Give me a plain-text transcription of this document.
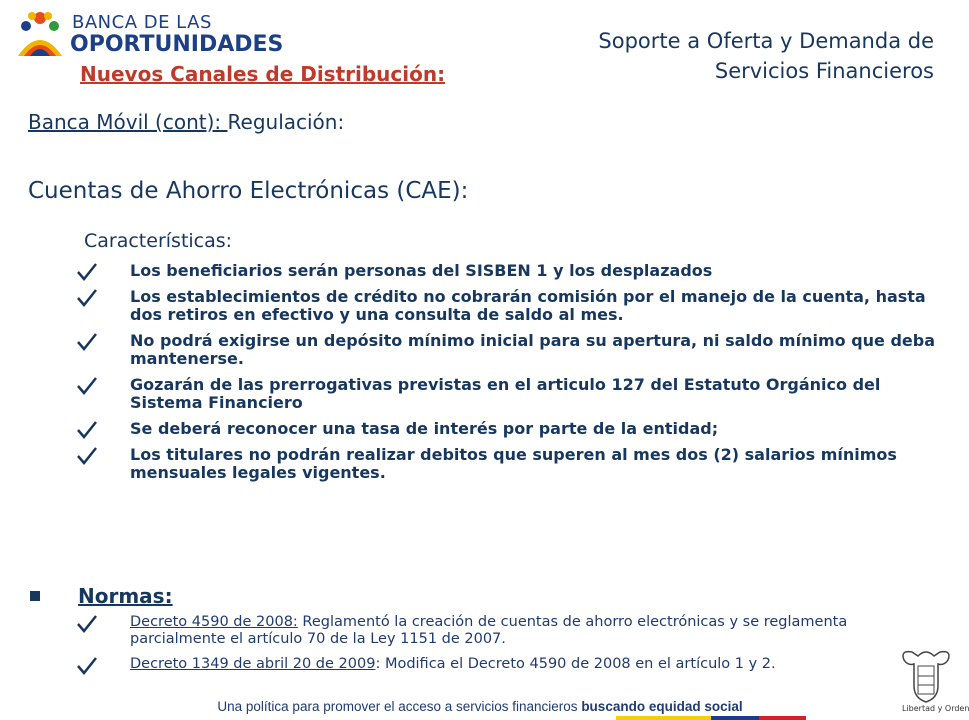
BANCA DE LAS
OPORTUNIDADES	Soporte a Oferta y Demanda de
Servicios Financieros
Nuevos Canales de Distribución:
Banca Móvil (cont): Regulación:
Cuentas de Ahorro Electrónicas (CAE):
Características:
Los beneficiarios serán personas del SISBEN 1 y los desplazados
Los establecimientos de crédito no cobrarán comisión por el manejo de la cuenta, hasta dos retiros en efectivo y una consulta de saldo al mes.
No podrá exigirse un depósito mínimo inicial para su apertura, ni saldo mínimo que deba mantenerse.
Gozarán de las prerrogativas previstas en el articulo 127 del Estatuto Orgánico del Sistema Financiero
Se deberá reconocer una tasa de interés por parte de la entidad;
Los titulares no podrán realizar debitos que superen al mes dos (2) salarios mínimos mensuales legales vigentes.
Normas:
Decreto 4590 de 2008: Reglamentó la creación de cuentas de ahorro electrónicas y se reglamenta parcialmente el artículo 70 de la Ley 1151 de 2007.
Decreto 1349 de abril 20 de 2009: Modifica el Decreto 4590 de 2008 en el artículo 1 y 2.
Libertad y Orden
Una política para promover el acceso a servicios financieros buscando equidad social
